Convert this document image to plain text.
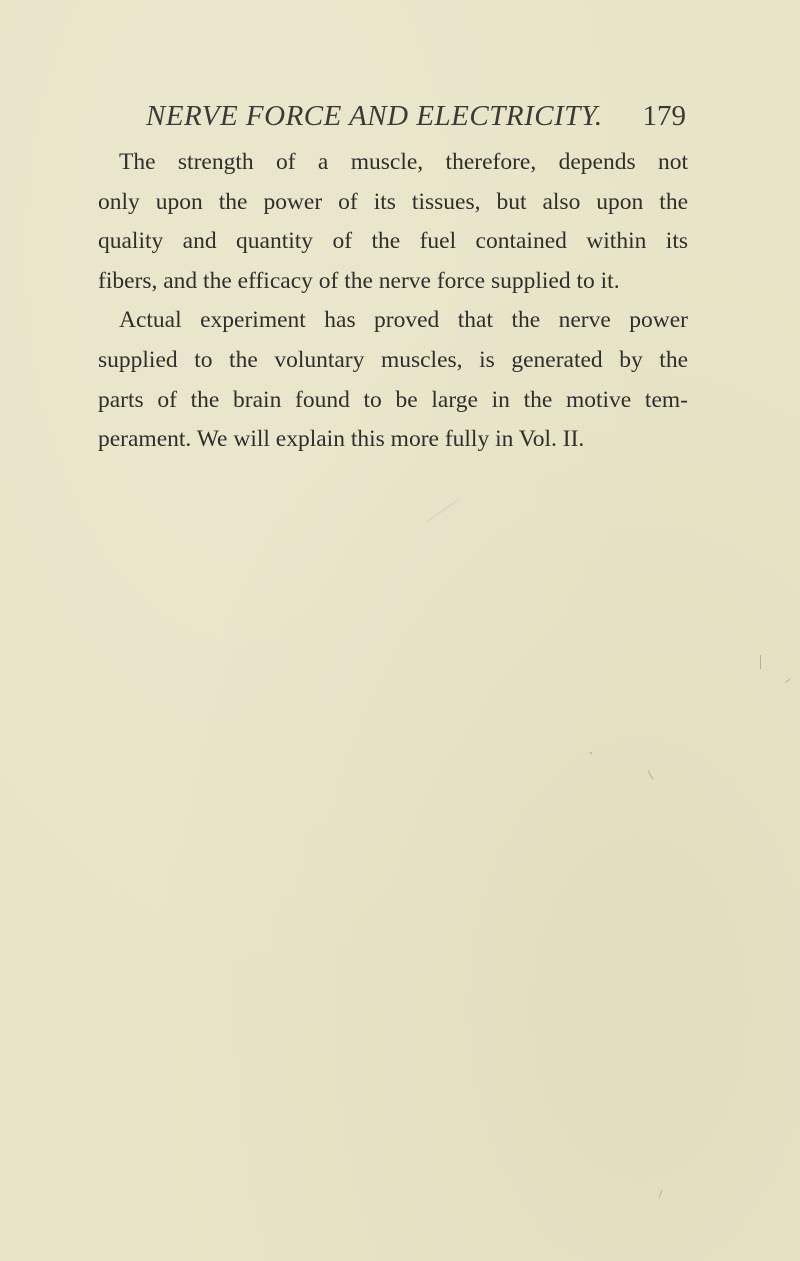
NERVE FORCE AND ELECTRICITY. 179

The strength of a muscle, therefore, depends not
only upon the power of its tissues, but also upon the
quality and quantity of the fuel contained within its
fibers, and the efficacy of the nerve force supplied to it.

Actual experiment has proved that the nerve power
supplied to the voluntary muscles, is generated by the
parts of the brain found to be large in the motive tem-
perament. We will explain this more fully in Vol. II.
